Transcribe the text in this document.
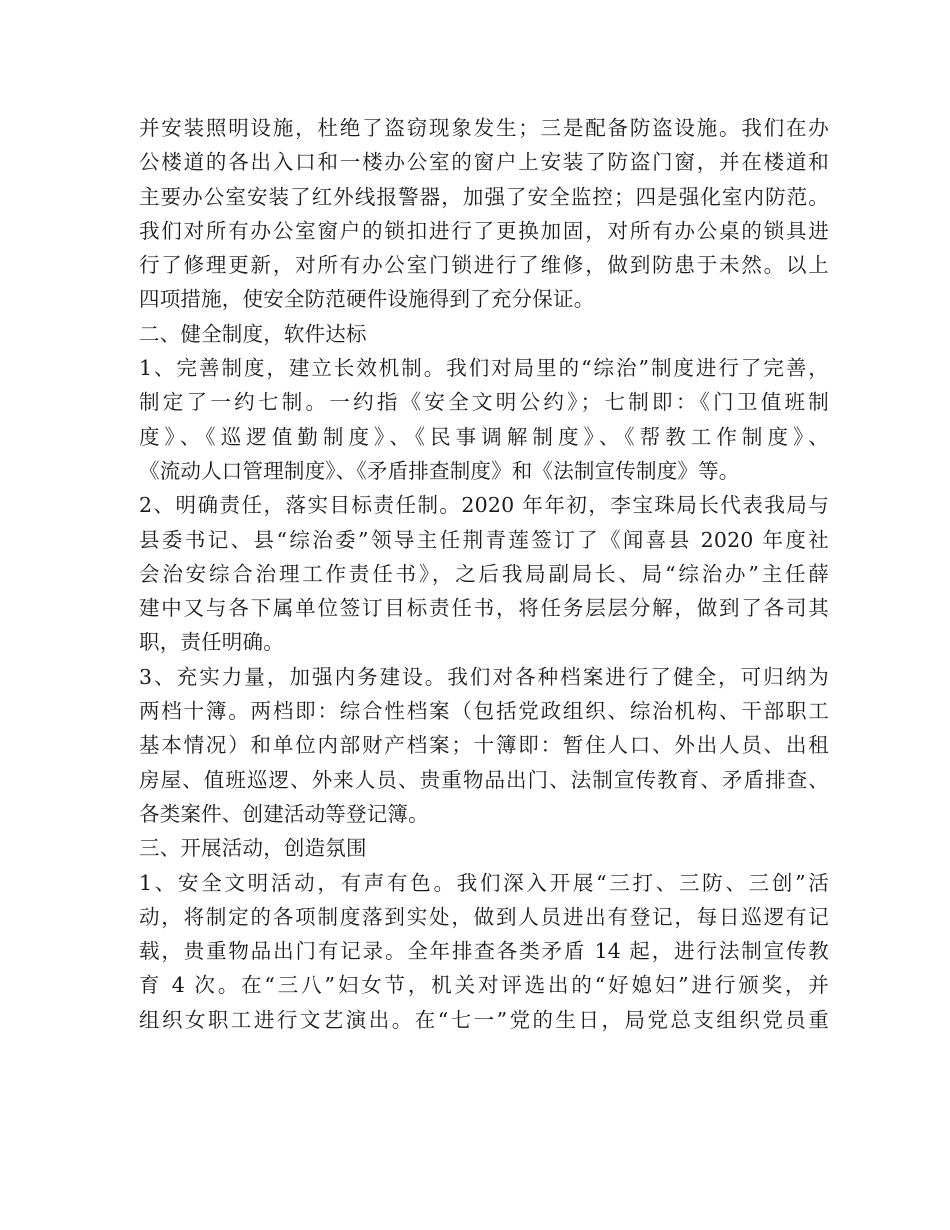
并安装照明设施，杜绝了盗窃现象发生；三是配备防盗设施。我们在办
公楼道的各出入口和一楼办公室的窗户上安装了防盗门窗，并在楼道和
主要办公室安装了红外线报警器，加强了安全监控；四是强化室内防范。
我们对所有办公室窗户的锁扣进行了更换加固，对所有办公桌的锁具进
行了修理更新，对所有办公室门锁进行了维修，做到防患于未然。以上
四项措施，使安全防范硬件设施得到了充分保证。
二、健全制度，软件达标
1、完善制度，建立长效机制。我们对局里的“综治”制度进行了完善，
制定了一约七制。一约指《安全文明公约》；七制即：《门卫值班制
度》、《巡逻值勤制度》、《民事调解制度》、《帮教工作制度》、
《流动人口管理制度》、《矛盾排查制度》和《法制宣传制度》等。
2、明确责任，落实目标责任制。2020 年年初，李宝珠局长代表我局与
县委书记、县“综治委”领导主任荆青莲签订了《闻喜县 2020 年度社
会治安综合治理工作责任书》，之后我局副局长、局“综治办”主任薛
建中又与各下属单位签订目标责任书，将任务层层分解，做到了各司其
职，责任明确。
3、充实力量，加强内务建设。我们对各种档案进行了健全，可归纳为
两档十簿。两档即：综合性档案（包括党政组织、综治机构、干部职工
基本情况）和单位内部财产档案；十簿即：暂住人口、外出人员、出租
房屋、值班巡逻、外来人员、贵重物品出门、法制宣传教育、矛盾排查、
各类案件、创建活动等登记簿。
三、开展活动，创造氛围
1、安全文明活动，有声有色。我们深入开展“三打、三防、三创”活
动，将制定的各项制度落到实处，做到人员进出有登记，每日巡逻有记
载，贵重物品出门有记录。全年排查各类矛盾 14 起，进行法制宣传教
育 4 次。在“三八”妇女节，机关对评选出的“好媳妇”进行颁奖，并
组织女职工进行文艺演出。在“七一”党的生日，局党总支组织党员重
